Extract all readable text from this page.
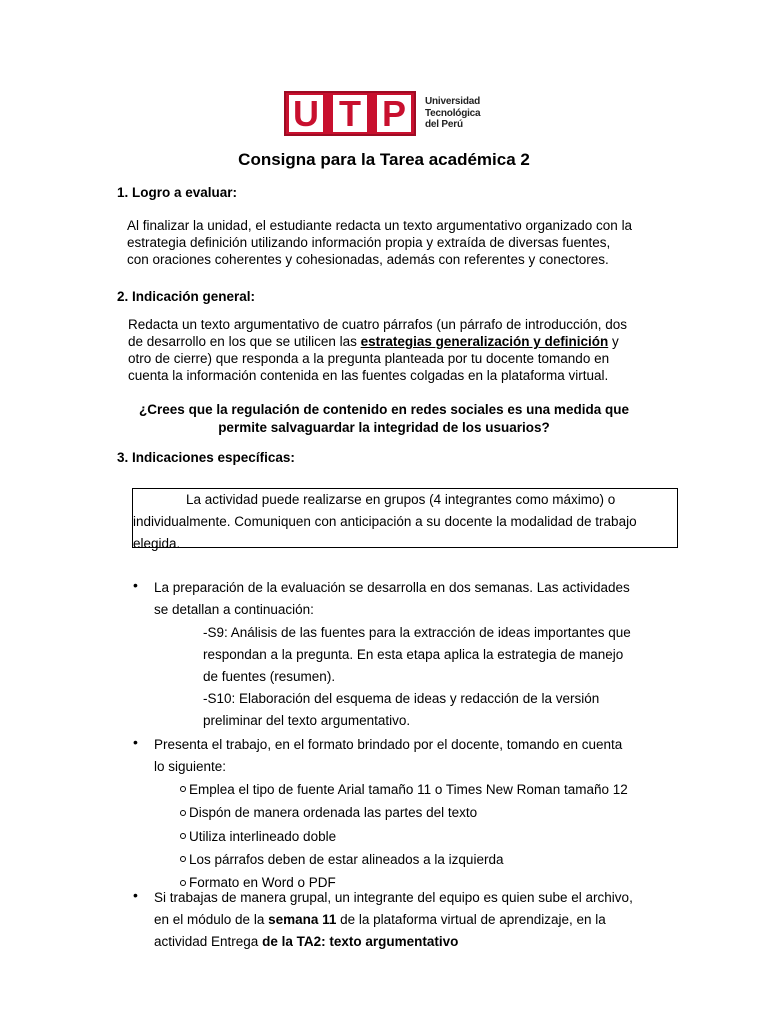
U T P	Universidad
Tecnológica
del Perú
Consigna para la Tarea académica 2
1. Logro a evaluar:
Al finalizar la unidad, el estudiante redacta un texto argumentativo organizado con la
estrategia definición utilizando información propia y extraída de diversas fuentes,
con oraciones coherentes y cohesionadas, además con referentes y conectores.
2. Indicación general:
Redacta un texto argumentativo de cuatro párrafos (un párrafo de introducción, dos
de desarrollo en los que se utilicen las estrategias generalización y definición y
otro de cierre) que responda a la pregunta planteada por tu docente tomando en
cuenta la información contenida en las fuentes colgadas en la plataforma virtual.
¿Crees que la regulación de contenido en redes sociales es una medida que
permite salvaguardar la integridad de los usuarios?
3. Indicaciones específicas:
La actividad puede realizarse en grupos (4 integrantes como máximo) o
individualmente. Comuniquen con anticipación a su docente la modalidad de trabajo
elegida.
• La preparación de la evaluación se desarrolla en dos semanas. Las actividades
se detallan a continuación:
-S9: Análisis de las fuentes para la extracción de ideas importantes que
respondan a la pregunta. En esta etapa aplica la estrategia de manejo
de fuentes (resumen).
-S10: Elaboración del esquema de ideas y redacción de la versión
preliminar del texto argumentativo.
• Presenta el trabajo, en el formato brindado por el docente, tomando en cuenta
lo siguiente:
Emplea el tipo de fuente Arial tamaño 11 o Times New Roman tamaño 12
Dispón de manera ordenada las partes del texto
Utiliza interlineado doble
Los párrafos deben de estar alineados a la izquierda
Formato en Word o PDF
• Si trabajas de manera grupal, un integrante del equipo es quien sube el archivo,
en el módulo de la semana 11 de la plataforma virtual de aprendizaje, en la
actividad Entrega de la TA2: texto argumentativo
